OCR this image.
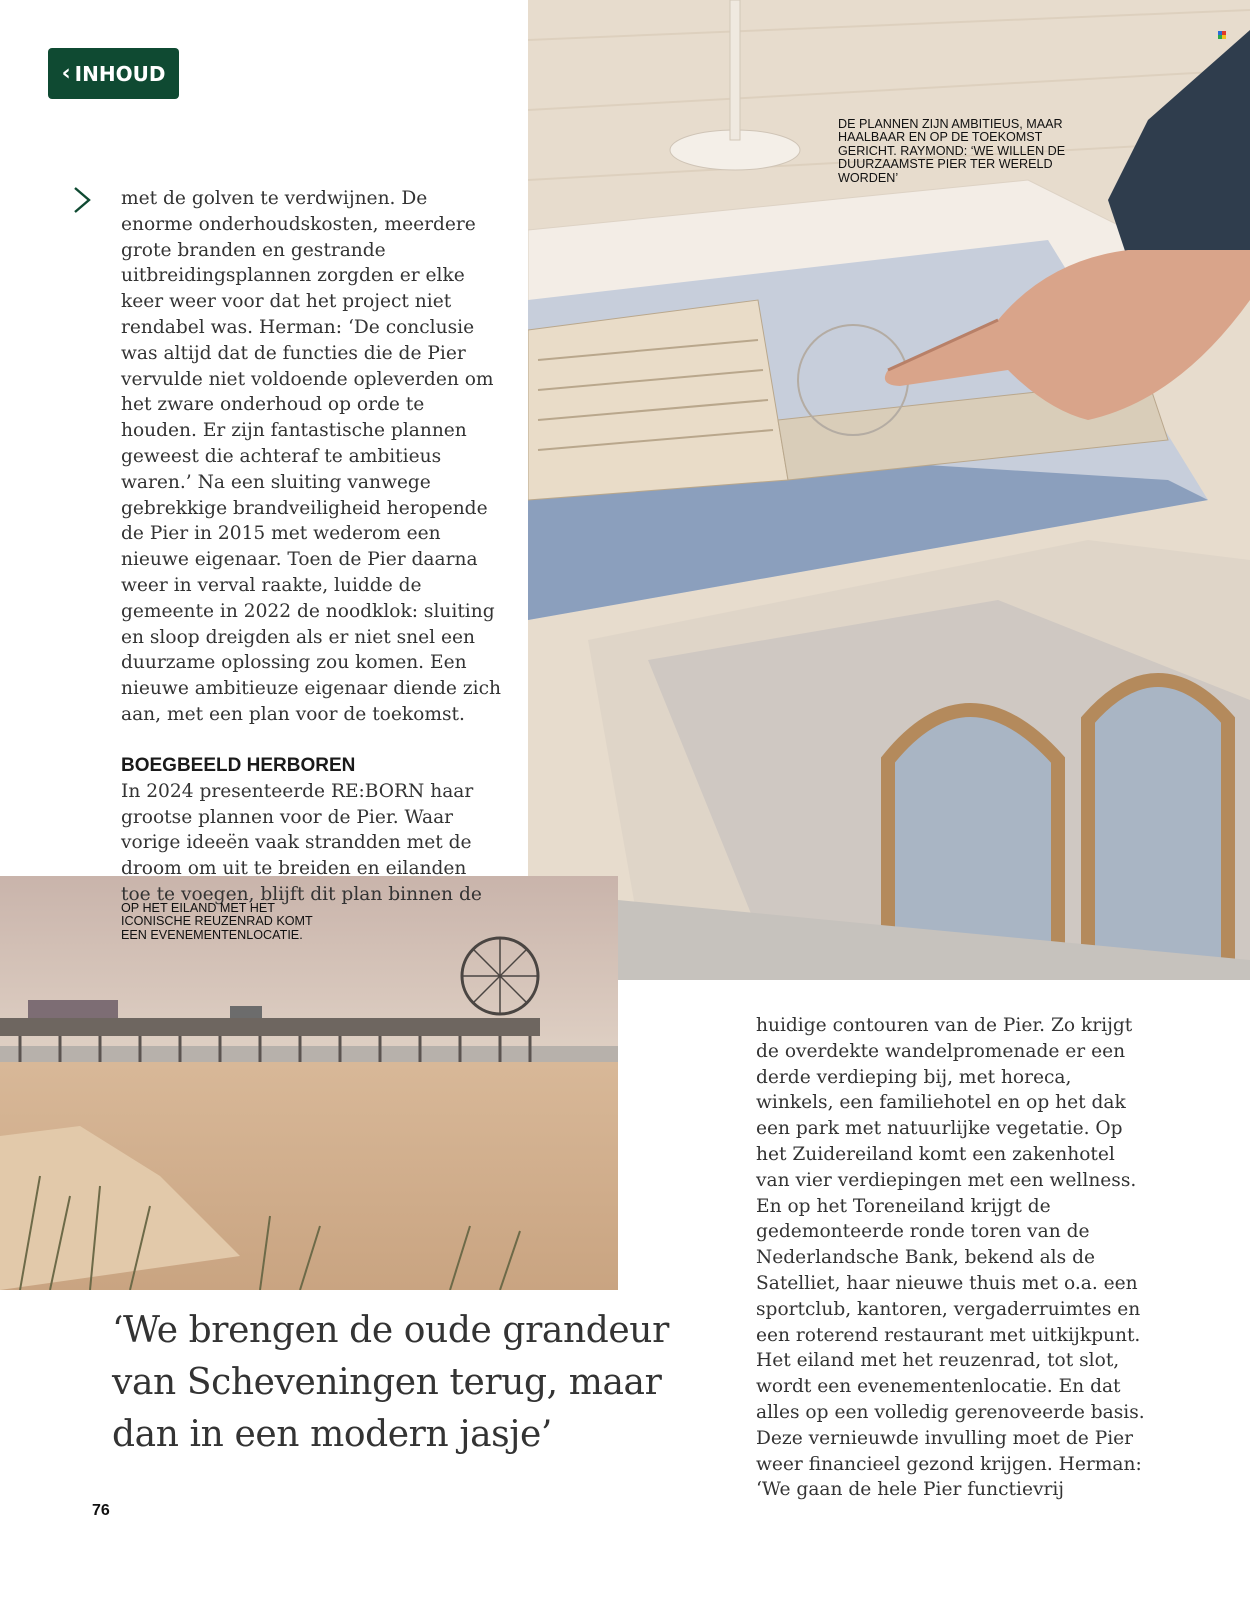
‹ INHOUD

met de golven te verdwijnen. De enorme onderhoudskosten, meerdere grote branden en gestrande uitbreidingsplannen zorgden er elke keer weer voor dat het project niet rendabel was. Herman: ‘De conclusie was altijd dat de functies die de Pier vervulde niet voldoende opleverden om het zware onderhoud op orde te houden. Er zijn fantastische plannen geweest die achteraf te ambitieus waren.’ Na een sluiting vanwege gebrekkige brandveiligheid heropende de Pier in 2015 met wederom een nieuwe eigenaar. Toen de Pier daarna weer in verval raakte, luidde de gemeente in 2022 de noodklok: sluiting en sloop dreigden als er niet snel een duurzame oplossing zou komen. Een nieuwe ambitieuze eigenaar diende zich aan, met een plan voor de toekomst.

BOEGBEELD HERBOREN

In 2024 presenteerde RE:BORN haar grootse plannen voor de Pier. Waar vorige ideeën vaak strandden met de droom om uit te breiden en eilanden toe te voegen, blijft dit plan binnen de

DE PLANNEN ZIJN AMBITIEUS, MAAR HAALBAAR EN OP DE TOEKOMST GERICHT. RAYMOND: ‘WE WILLEN DE DUURZAAMSTE PIER TER WERELD WORDEN’
OP HET EILAND MET HET ICONISCHE REUZENRAD KOMT EEN EVENEMENTENLOCATIE.
‘We brengen de oude grandeur van Scheveningen terug, maar dan in een modern jasje’

huidige contouren van de Pier. Zo krijgt de overdekte wandelpromenade er een derde verdieping bij, met horeca, winkels, een familiehotel en op het dak een park met natuurlijke vegetatie. Op het Zuidereiland komt een zakenhotel van vier verdiepingen met een wellness. En op het Toreneiland krijgt de gedemonteerde ronde toren van de Nederlandsche Bank, bekend als de Satelliet, haar nieuwe thuis met o.a. een sportclub, kantoren, vergaderruimtes en een roterend restaurant met uitkijkpunt. Het eiland met het reuzenrad, tot slot, wordt een evenementenlocatie. En dat alles op een volledig gerenoveerde basis. Deze vernieuwde invulling moet de Pier weer financieel gezond krijgen. Herman: ‘We gaan de hele Pier functievrij

76
